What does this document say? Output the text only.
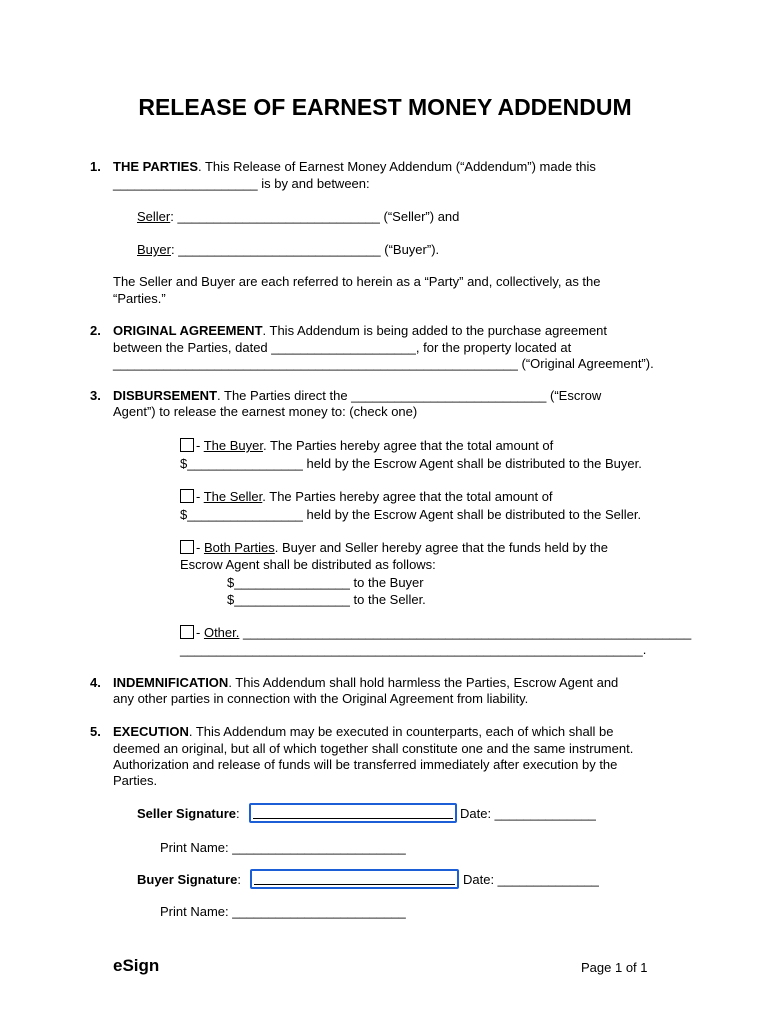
RELEASE OF EARNEST MONEY ADDENDUM
1. THE PARTIES. This Release of Earnest Money Addendum (“Addendum”) made this
____________________ is by and between:
Seller: ____________________________ (“Seller”) and
Buyer: ____________________________ (“Buyer”).
The Seller and Buyer are each referred to herein as a “Party” and, collectively, as the
“Parties.”
2. ORIGINAL AGREEMENT. This Addendum is being added to the purchase agreement
between the Parties, dated ____________________, for the property located at
________________________________________________________ (“Original Agreement”).
3. DISBURSEMENT. The Parties direct the ___________________________ (“Escrow
Agent”) to release the earnest money to: (check one)
- The Buyer. The Parties hereby agree that the total amount of
$________________ held by the Escrow Agent shall be distributed to the Buyer.
- The Seller. The Parties hereby agree that the total amount of
$________________ held by the Escrow Agent shall be distributed to the Seller.
- Both Parties. Buyer and Seller hereby agree that the funds held by the
Escrow Agent shall be distributed as follows:
$________________ to the Buyer
$________________ to the Seller.
- Other. ______________________________________________________________
________________________________________________________________.
4. INDEMNIFICATION. This Addendum shall hold harmless the Parties, Escrow Agent and
any other parties in connection with the Original Agreement from liability.
5. EXECUTION. This Addendum may be executed in counterparts, each of which shall be
deemed an original, but all of which together shall constitute one and the same instrument.
Authorization and release of funds will be transferred immediately after execution by the
Parties.
Seller Signature:	Date: ______________
Print Name: ________________________
Buyer Signature:	Date: ______________
Print Name: ________________________
eSign	Page 1 of 1
